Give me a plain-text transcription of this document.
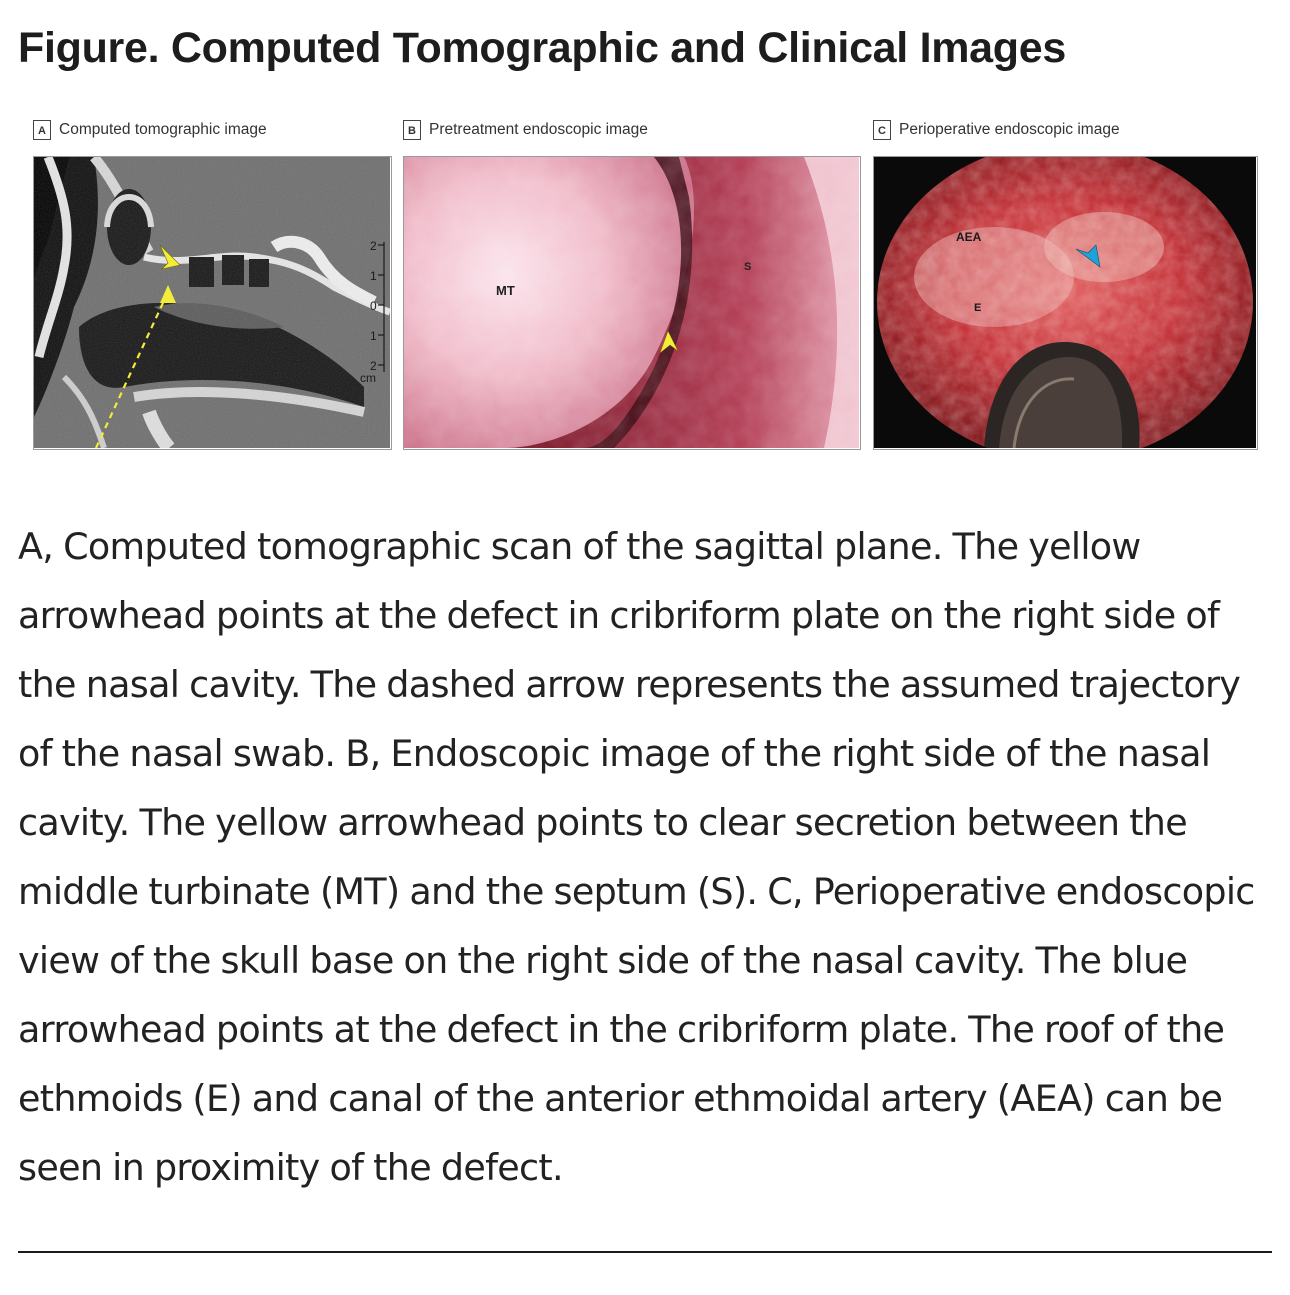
Figure. Computed Tomographic and Clinical Images
A Computed tomographic image	B Pretreatment endoscopic image	C Perioperative endoscopic image
2
1
0
1
2
cm
MT
S
AEA
E

A, Computed tomographic scan of the sagittal plane. The yellow arrowhead points at the defect in cribriform plate on the right side of the nasal cavity. The dashed arrow represents the assumed trajectory of the nasal swab. B, Endoscopic image of the right side of the nasal cavity. The yellow arrowhead points to clear secretion between the middle turbinate (MT) and the septum (S). C, Perioperative endoscopic view of the skull base on the right side of the nasal cavity. The blue arrowhead points at the defect in the cribriform plate. The roof of the ethmoids (E) and canal of the anterior ethmoidal artery (AEA) can be seen in proximity of the defect.
